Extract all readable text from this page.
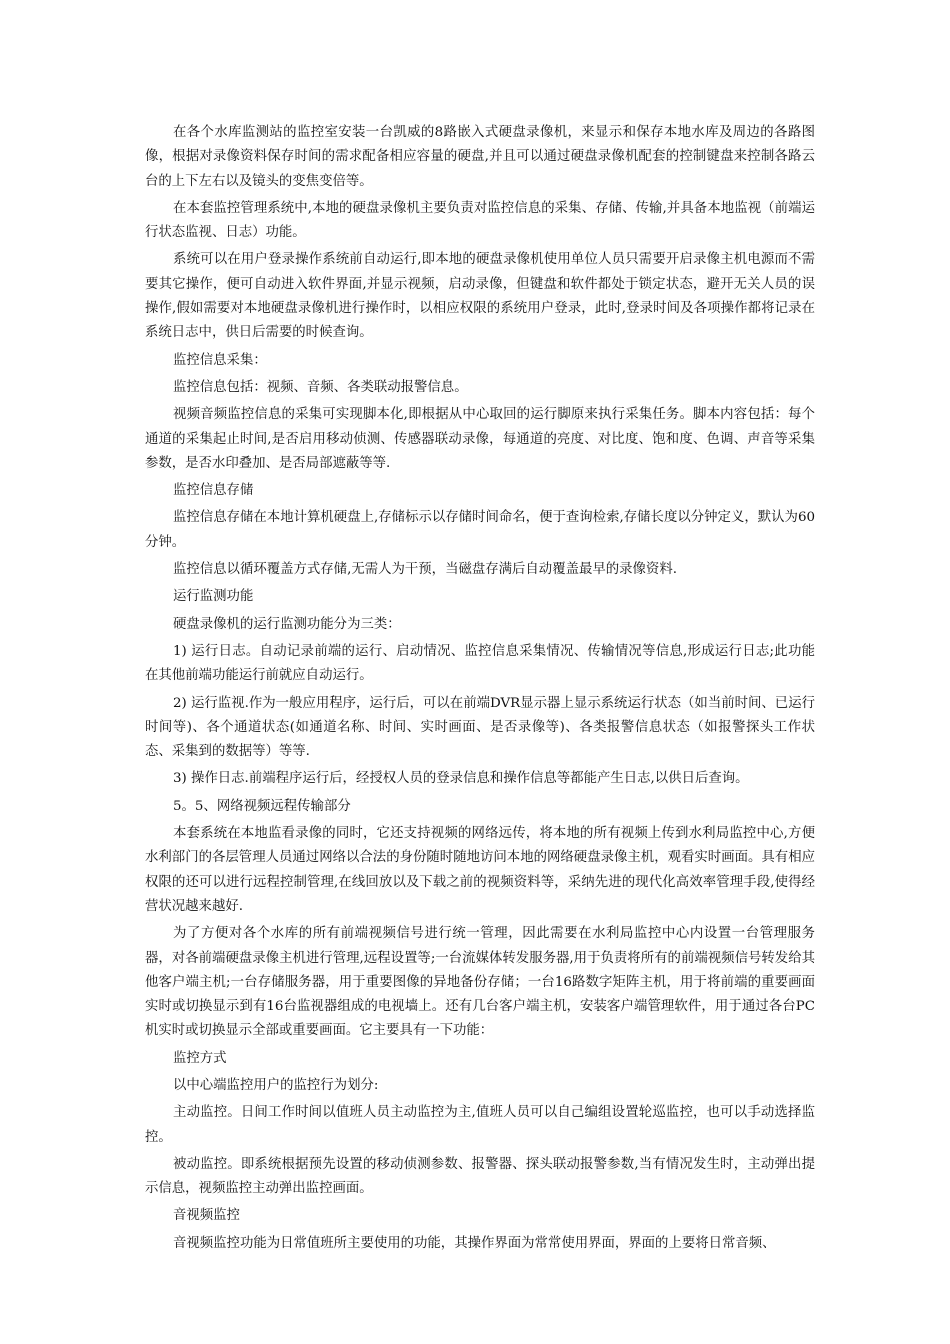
在各个水库监测站的监控室安装一台凯威的8路嵌入式硬盘录像机，来显示和保存本地水库及周边的各路图像，根据对录像资料保存时间的需求配备相应容量的硬盘,并且可以通过硬盘录像机配套的控制键盘来控制各路云台的上下左右以及镜头的变焦变倍等。

在本套监控管理系统中,本地的硬盘录像机主要负责对监控信息的采集、存储、传输,并具备本地监视（前端运行状态监视、日志）功能。

系统可以在用户登录操作系统前自动运行,即本地的硬盘录像机使用单位人员只需要开启录像主机电源而不需要其它操作，便可自动进入软件界面,并显示视频，启动录像，但键盘和软件都处于锁定状态，避开无关人员的误操作,假如需要对本地硬盘录像机进行操作时，以相应权限的系统用户登录，此时,登录时间及各项操作都将记录在系统日志中，供日后需要的时候查询。

监控信息采集：

监控信息包括：视频、音频、各类联动报警信息。

视频音频监控信息的采集可实现脚本化,即根据从中心取回的运行脚原来执行采集任务。脚本内容包括：每个通道的采集起止时间,是否启用移动侦测、传感器联动录像，每通道的亮度、对比度、饱和度、色调、声音等采集参数，是否水印叠加、是否局部遮蔽等等.

监控信息存储

监控信息存储在本地计算机硬盘上,存储标示以存储时间命名，便于查询检索,存储长度以分钟定义，默认为60分钟。

监控信息以循环覆盖方式存储,无需人为干预，当磁盘存满后自动覆盖最早的录像资料.

运行监测功能

硬盘录像机的运行监测功能分为三类：

1) 运行日志。自动记录前端的运行、启动情况、监控信息采集情况、传输情况等信息,形成运行日志;此功能在其他前端功能运行前就应自动运行。

2) 运行监视.作为一般应用程序，运行后，可以在前端DVR显示器上显示系统运行状态（如当前时间、已运行时间等)、各个通道状态(如通道名称、时间、实时画面、是否录像等)、各类报警信息状态（如报警探头工作状态、采集到的数据等）等等.

3) 操作日志.前端程序运行后，经授权人员的登录信息和操作信息等都能产生日志,以供日后查询。

5。5、网络视频远程传输部分

本套系统在本地监看录像的同时，它还支持视频的网络远传，将本地的所有视频上传到水利局监控中心,方便水利部门的各层管理人员通过网络以合法的身份随时随地访问本地的网络硬盘录像主机，观看实时画面。具有相应权限的还可以进行远程控制管理,在线回放以及下载之前的视频资料等，采纳先进的现代化高效率管理手段,使得经营状况越来越好.

为了方便对各个水库的所有前端视频信号进行统一管理，因此需要在水利局监控中心内设置一台管理服务器，对各前端硬盘录像主机进行管理,远程设置等;一台流媒体转发服务器,用于负责将所有的前端视频信号转发给其他客户端主机;一台存储服务器，用于重要图像的异地备份存储；一台16路数字矩阵主机，用于将前端的重要画面实时或切换显示到有16台监视器组成的电视墙上。还有几台客户端主机，安装客户端管理软件，用于通过各台PC机实时或切换显示全部或重要画面。它主要具有一下功能：

监控方式

以中心端监控用户的监控行为划分:

主动监控。日间工作时间以值班人员主动监控为主,值班人员可以自己编组设置轮巡监控，也可以手动选择监控。

被动监控。即系统根据预先设置的移动侦测参数、报警器、探头联动报警参数,当有情况发生时，主动弹出提示信息，视频监控主动弹出监控画面。

音视频监控

音视频监控功能为日常值班所主要使用的功能，其操作界面为常常使用界面，界面的上要将日常音频、
